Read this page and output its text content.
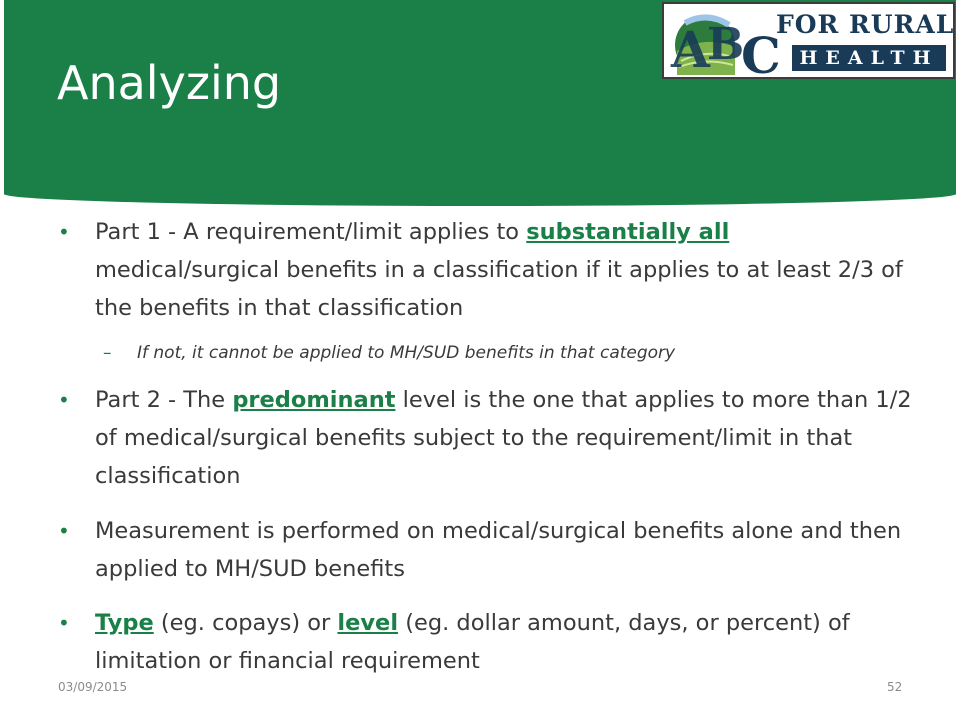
Analyzing
A
B
C
FOR RURAL
HEALTH
• Part 1 - A requirement/limit applies to substantially all medical/surgical benefits in a classification if it applies to at least 2/3 of the benefits in that classification
– If not, it cannot be applied to MH/SUD benefits in that category
• Part 2 - The predominant level is the one that applies to more than 1/2 of medical/surgical benefits subject to the requirement/limit in that classification
• Measurement is performed on medical/surgical benefits alone and then applied to MH/SUD benefits
• Type (eg. copays) or level (eg. dollar amount, days, or percent) of limitation or financial requirement
03/09/2015	52
